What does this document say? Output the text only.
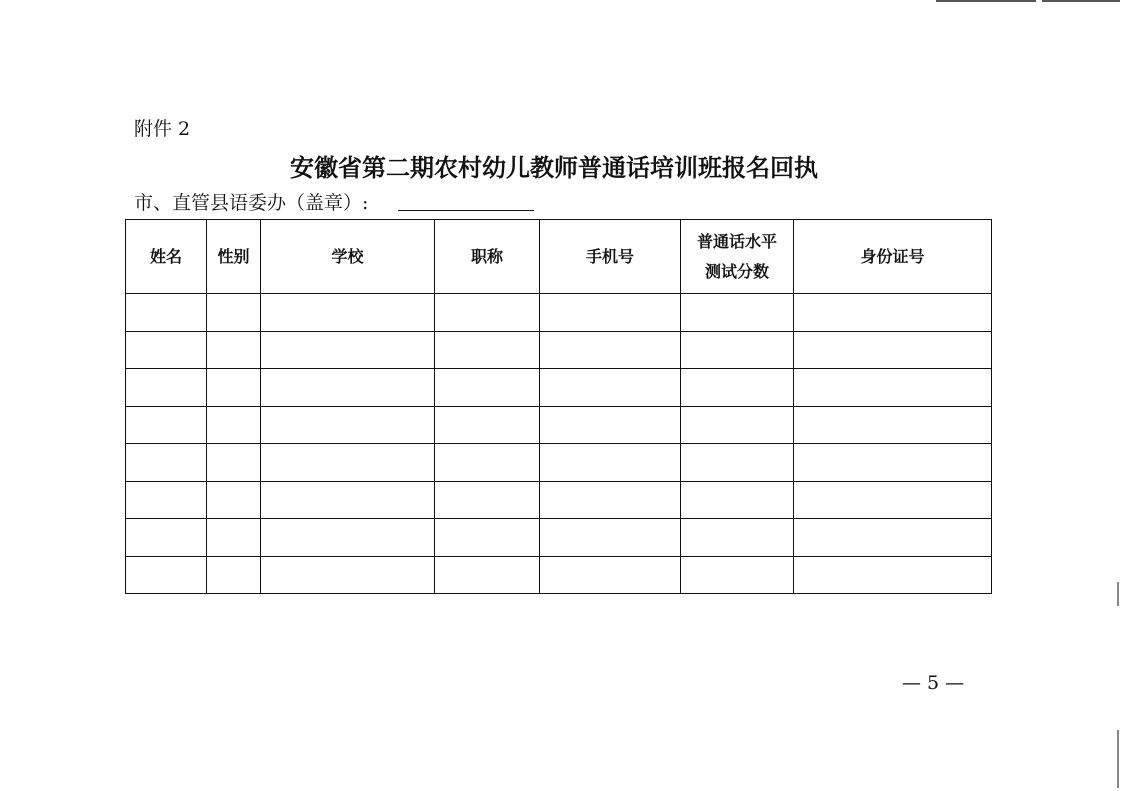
附件 2
安徽省第二期农村幼儿教师普通话培训班报名回执
市、直管县语委办（盖章）:
姓名	性别	学校	职称	手机号	普通话水平测试分数	身份证号

— 5 —
